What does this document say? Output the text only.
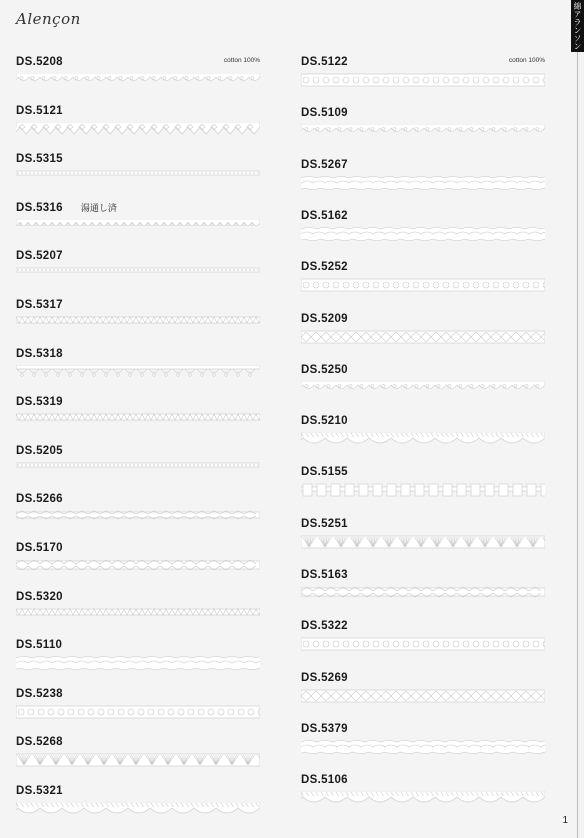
Alençon	綿アランソン
DS.5208	cotton 100%
DS.5121
DS.5315
DS.5316 湯通し済
DS.5207
DS.5317
DS.5318
DS.5319
DS.5205
DS.5266
DS.5170
DS.5320
DS.5110
DS.5238
DS.5268
DS.5321
DS.5122	cotton 100%
DS.5109
DS.5267
DS.5162
DS.5252
DS.5209
DS.5250
DS.5210
DS.5155
DS.5251
DS.5163
DS.5322
DS.5269
DS.5379
DS.5106
1
